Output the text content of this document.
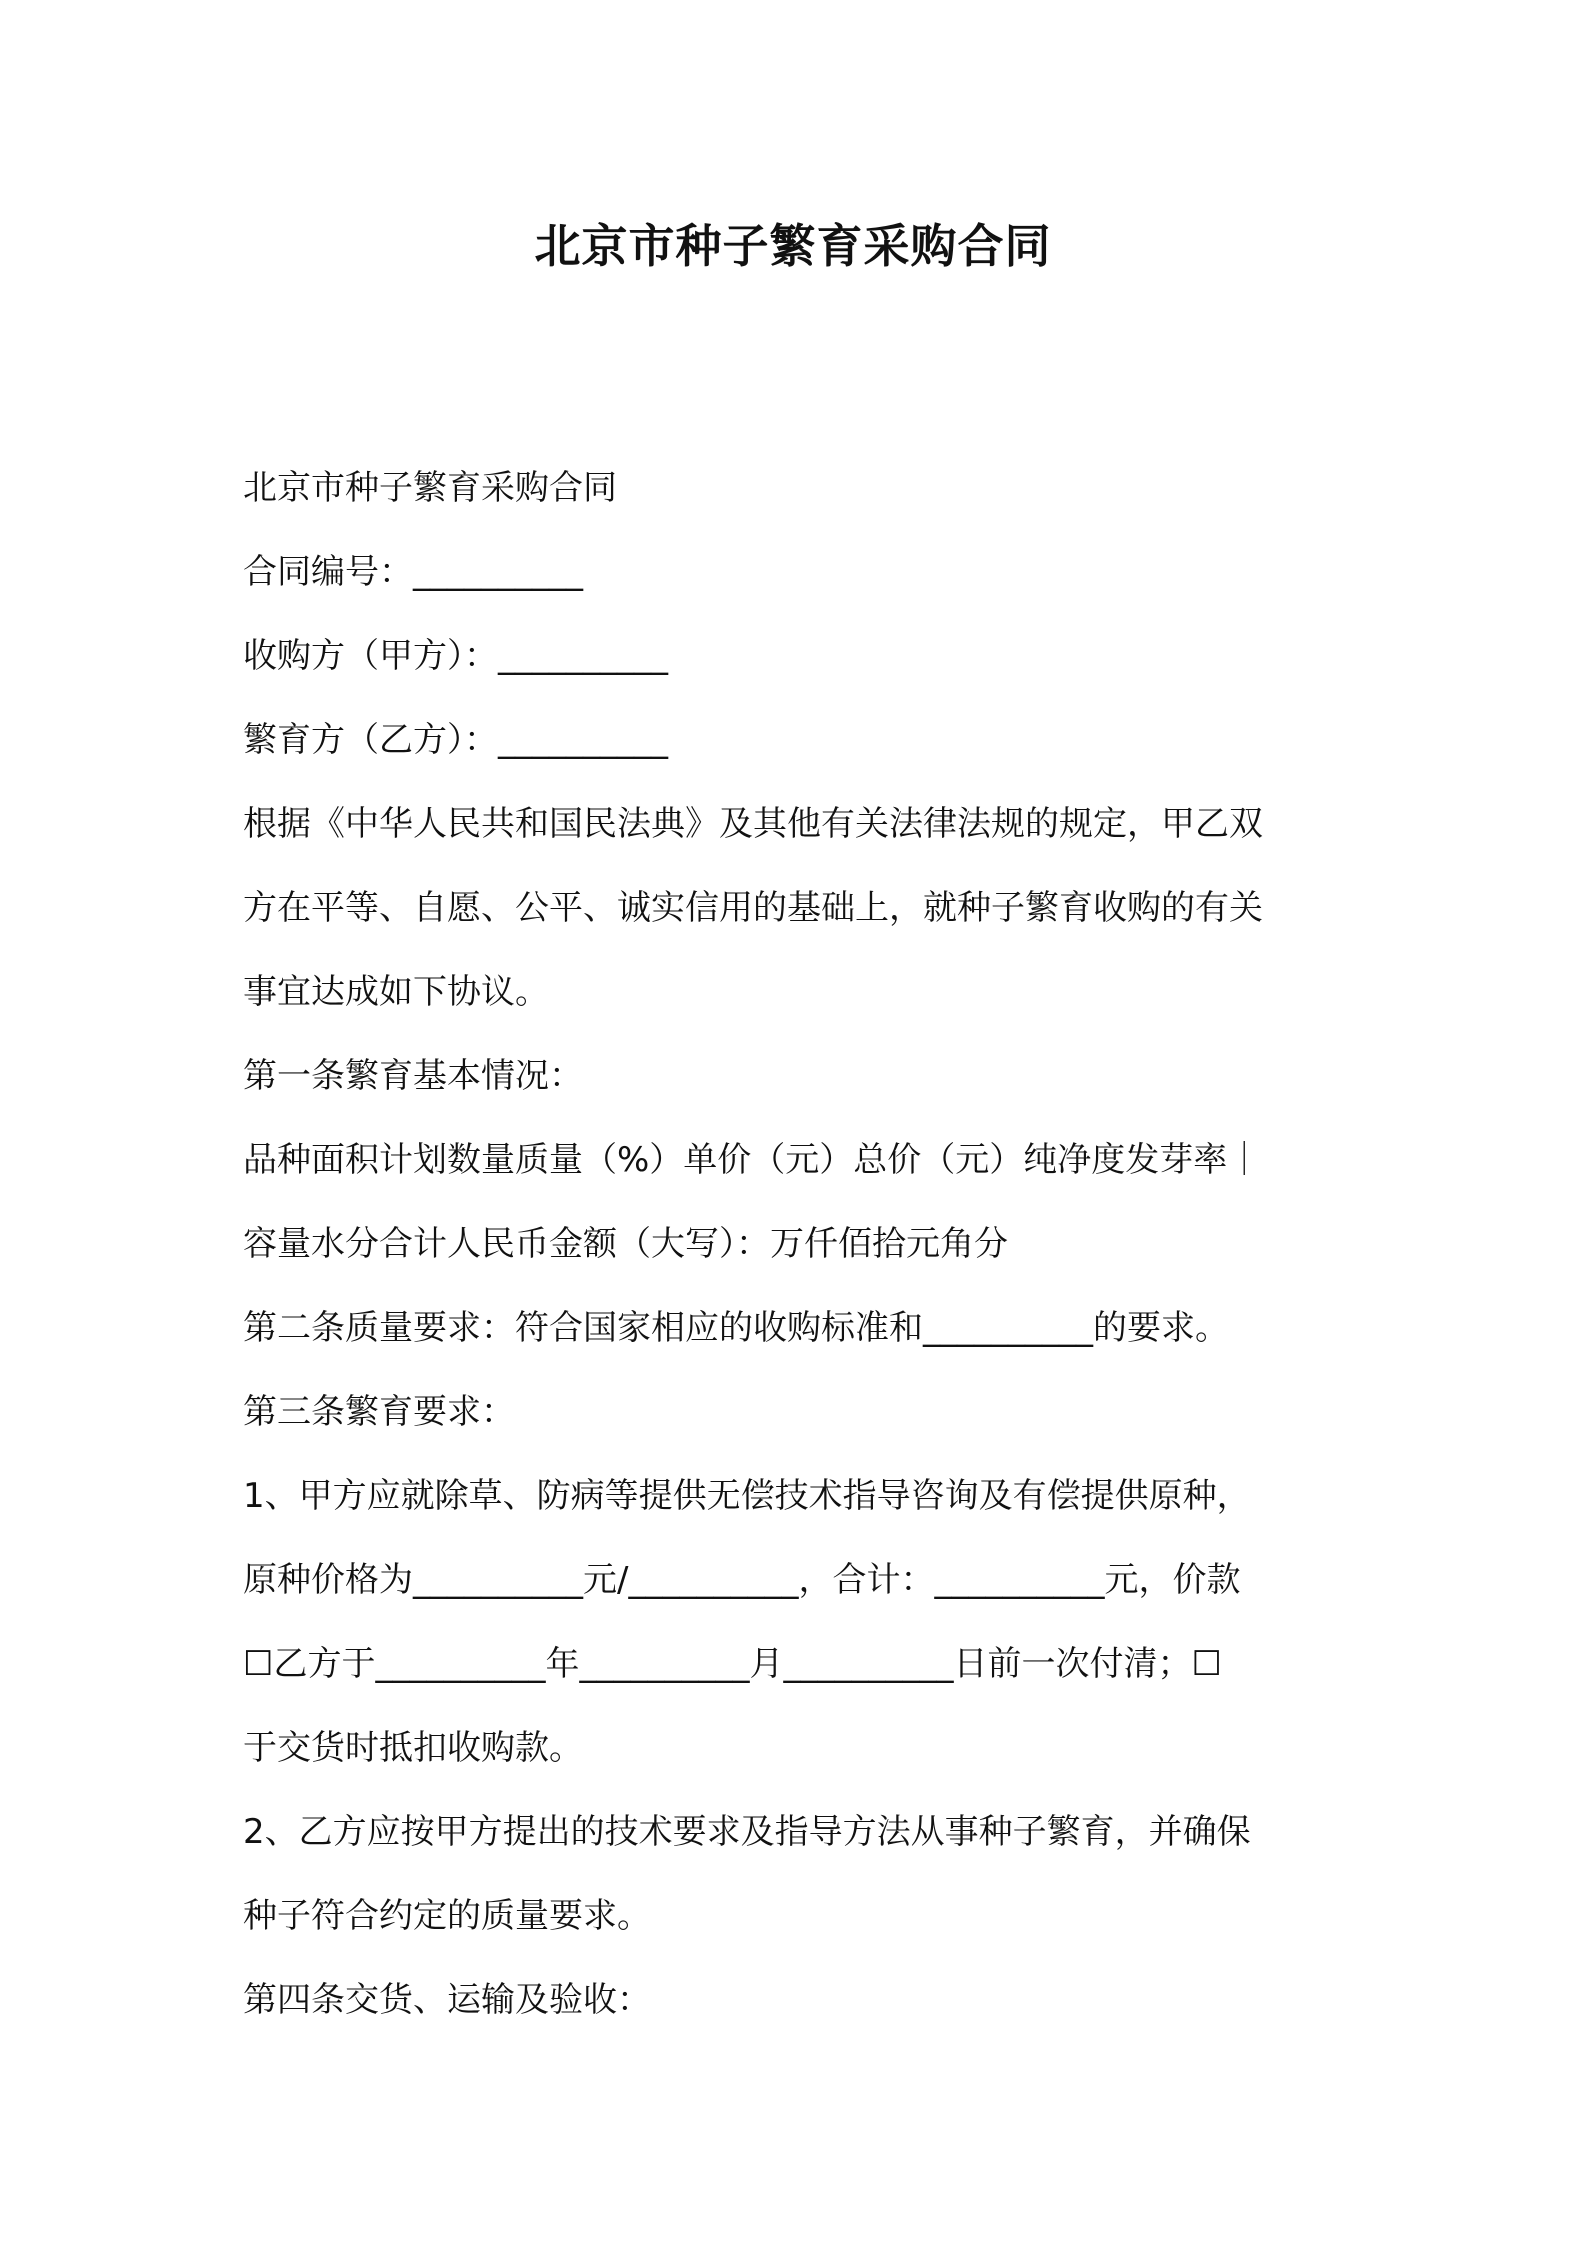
北京市种子繁育采购合同

北京市种子繁育采购合同

合同编号：__________

收购方（甲方）：__________

繁育方（乙方）：__________

根据《中华人民共和国民法典》及其他有关法律法规的规定，甲乙双

方在平等、自愿、公平、诚实信用的基础上，就种子繁育收购的有关

事宜达成如下协议。

第一条繁育基本情况：

品种面积计划数量质量（%）单价（元）总价（元）纯净度发芽率｜

容量水分合计人民币金额（大写）：万仟佰拾元角分

第二条质量要求：符合国家相应的收购标准和__________的要求。

第三条繁育要求：

1、甲方应就除草、防病等提供无偿技术指导咨询及有偿提供原种，

原种价格为__________元/__________，合计：__________元，价款

☐乙方于__________年__________月__________日前一次付清；☐

于交货时抵扣收购款。

2、乙方应按甲方提出的技术要求及指导方法从事种子繁育，并确保

种子符合约定的质量要求。

第四条交货、运输及验收：
